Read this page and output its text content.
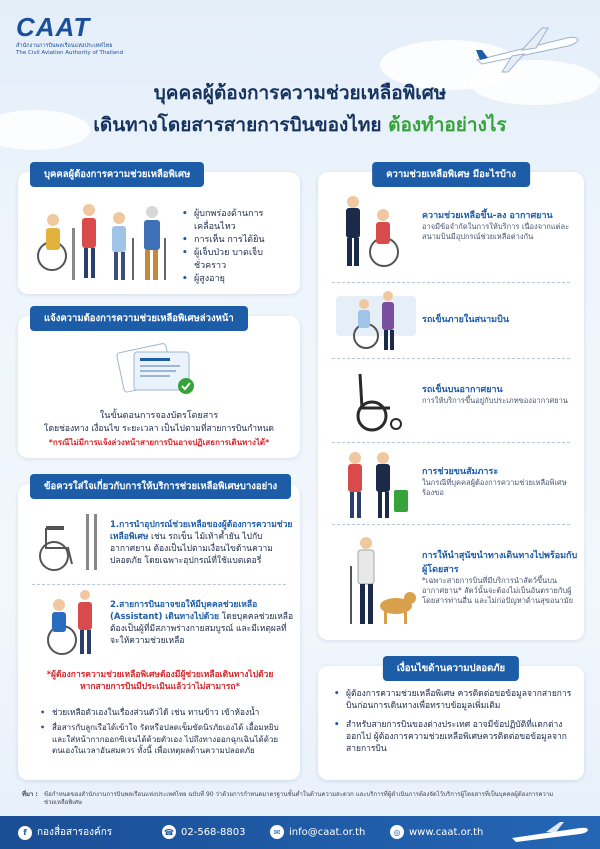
CAAT
สำนักงานการบินพลเรือนแห่งประเทศไทย
The Civil Aviation Authority of Thailand
บุคคลผู้ต้องการความช่วยเหลือพิเศษ
เดินทางโดยสารสายการบินของไทย ต้องทำอย่างไร
บุคคลผู้ต้องการความช่วยเหลือพิเศษ
• ผู้บกพร่องด้านการเคลื่อนไหว
• การเห็น การได้ยิน
• ผู้เจ็บป่วย บาดเจ็บชั่วคราว
• ผู้สูงอายุ
แจ้งความต้องการความช่วยเหลือพิเศษล่วงหน้า
ในขั้นตอนการจองบัตรโดยสาร
โดยช่องทาง เงื่อนไข ระยะเวลา เป็นไปตามที่สายการบินกำหนด
*กรณีไม่มีการแจ้งล่วงหน้าสายการบินอาจปฏิเสธการเดินทางได้*
ข้อควรใส่ใจเกี่ยวกับการให้บริการช่วยเหลือพิเศษบางอย่าง
1.การนำอุปกรณ์ช่วยเหลือของผู้ต้องการความช่วยเหลือพิเศษ เช่น รถเข็น ไม้เท้าค้ำยัน ไปกับอากาศยาน ต้องเป็นไปตามเงื่อนไขด้านความปลอดภัย โดยเฉพาะอุปกรณ์ที่ใช้แบตเตอรี่
2.สายการบินอาจขอให้มีบุคคลช่วยเหลือ (Assistant) เดินทางไปด้วย โดยบุคคลช่วยเหลือ ต้องเป็นผู้ที่มีสภาพร่างกายสมบูรณ์ และมีเหตุผลที่จะให้ความช่วยเหลือ
*ผู้ต้องการความช่วยเหลือพิเศษต้องมีผู้ช่วยเหลือเดินทางไปด้วย หากสายการบินมีประเมินแล้วว่าไม่สามารถ*
• ช่วยเหลือตัวเองในเรื่องส่วนตัวได้ เช่น ทานข้าว เข้าห้องน้ำ
• สื่อสารกับลูกเรือได้เข้าใจ รัดหรือปลดเข็มขัดนิรภัยเองได้ เอื้อมหยิบ และใส่หน้ากากออกซิเจนได้ด้วยตัวเอง ไปถึงทางออกฉุกเฉินได้ด้วยตนเองในเวลาอันสมควร ทั้งนี้ เพื่อเหตุผลด้านความปลอดภัย
ความช่วยเหลือพิเศษ มีอะไรบ้าง
ความช่วยเหลือขึ้น-ลง อากาศยาน
อาจมีข้อจำกัดในการให้บริการ เนื่องจากแต่ละสนามบินมีอุปกรณ์ช่วยเหลือต่างกัน
รถเข็นภายในสนามบิน
รถเข็นบนอากาศยาน
การให้บริการขึ้นอยู่กับประเภทของอากาศยาน
การช่วยขนสัมภาระ
ในกรณีที่บุคคลผู้ต้องการความช่วยเหลือพิเศษร้องขอ
การให้นำสุนัขนำทางเดินทางไปพร้อมกับผู้โดยสาร
*เฉพาะสายการบินที่มีบริการนำสัตว์ขึ้นบนอากาศยาน* สัตว์นั้นจะต้องไม่เป็นอันตรายกับผู้โดยสารท่านอื่น และไม่ก่อปัญหาด้านสุขอนามัย
เงื่อนไขด้านความปลอดภัย
• ผู้ต้องการความช่วยเหลือพิเศษ ควรติดต่อขอข้อมูลจากสายการบินก่อนการเดินทางเพื่อทราบข้อมูลเพิ่มเติม
• สำหรับสายการบินของต่างประเทศ อาจมีข้อปฏิบัติที่แตกต่างออกไป ผู้ต้องการความช่วยเหลือพิเศษควรติดต่อขอข้อมูลจากสายการบิน
ที่มา : ข้อกำหนดของสำนักงานการบินพลเรือนแห่งประเทศไทย ฉบับที่ 90 ว่าด้วยการกำหนดมาตรฐานขั้นต่ำในด้านความสะดวก และบริการที่ผู้ดำเนินการต้องจัดไว้บริการผู้โดยสารที่เป็นบุคคลผู้ต้องการความช่วยเหลือพิเศษ
f	กองสื่อสารองค์กร	☎ 02-568-8803	✉ info@caat.or.th	◎ www.caat.or.th
